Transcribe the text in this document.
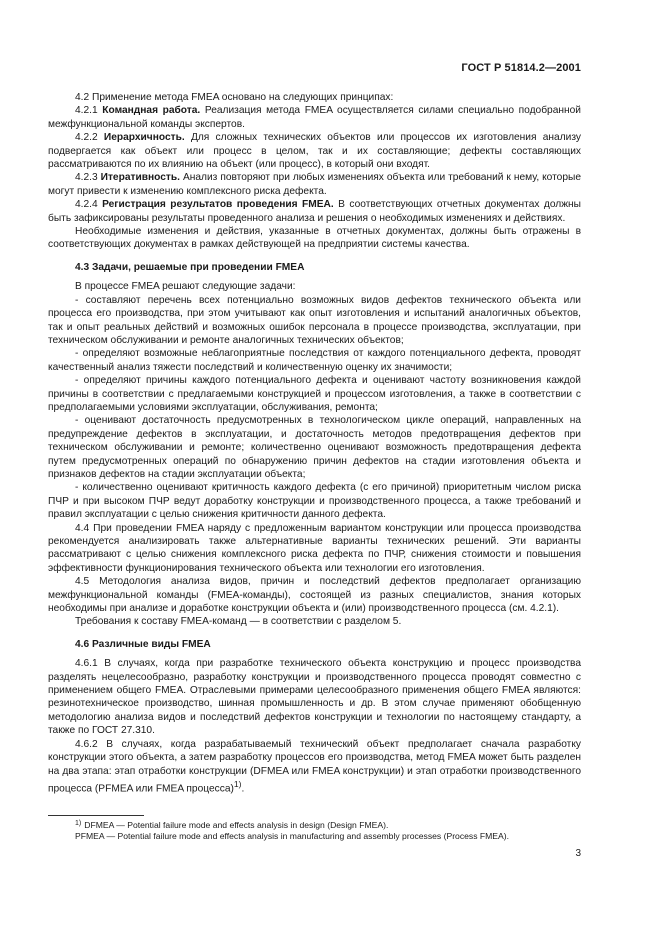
ГОСТ Р 51814.2—2001

4.2 Применение метода FMEA основано на следующих принципах:

4.2.1 Командная работа. Реализация метода FMEA осуществляется силами специально подобранной межфункциональной команды экспертов.

4.2.2 Иерархичность. Для сложных технических объектов или процессов их изготовления анализу подвергается как объект или процесс в целом, так и их составляющие; дефекты составляющих рассматриваются по их влиянию на объект (или процесс), в который они входят.

4.2.3 Итеративность. Анализ повторяют при любых изменениях объекта или требований к нему, которые могут привести к изменению комплексного риска дефекта.

4.2.4 Регистрация результатов проведения FMEA. В соответствующих отчетных документах должны быть зафиксированы результаты проведенного анализа и решения о необходимых изменениях и действиях.

Необходимые изменения и действия, указанные в отчетных документах, должны быть отражены в соответствующих документах в рамках действующей на предприятии системы качества.

4.3 Задачи, решаемые при проведении FMEA

В процессе FMEA решают следующие задачи:

- составляют перечень всех потенциально возможных видов дефектов технического объекта или процесса его производства, при этом учитывают как опыт изготовления и испытаний аналогичных объектов, так и опыт реальных действий и возможных ошибок персонала в процессе производства, эксплуатации, при техническом обслуживании и ремонте аналогичных технических объектов;

- определяют возможные неблагоприятные последствия от каждого потенциального дефекта, проводят качественный анализ тяжести последствий и количественную оценку их значимости;

- определяют причины каждого потенциального дефекта и оценивают частоту возникновения каждой причины в соответствии с предлагаемыми конструкцией и процессом изготовления, а также в соответствии с предполагаемыми условиями эксплуатации, обслуживания, ремонта;

- оценивают достаточность предусмотренных в технологическом цикле операций, направленных на предупреждение дефектов в эксплуатации, и достаточность методов предотвращения дефектов при техническом обслуживании и ремонте; количественно оценивают возможность предотвращения дефекта путем предусмотренных операций по обнаружению причин дефектов на стадии изготовления объекта и признаков дефектов на стадии эксплуатации объекта;

- количественно оценивают критичность каждого дефекта (с его причиной) приоритетным числом риска ПЧР и при высоком ПЧР ведут доработку конструкции и производственного процесса, а также требований и правил эксплуатации с целью снижения критичности данного дефекта.

4.4 При проведении FMEA наряду с предложенным вариантом конструкции или процесса производства рекомендуется анализировать также альтернативные варианты технических решений. Эти варианты рассматривают с целью снижения комплексного риска дефекта по ПЧР, снижения стоимости и повышения эффективности функционирования технического объекта или технологии его изготовления.

4.5 Методология анализа видов, причин и последствий дефектов предполагает организацию межфункциональной команды (FMEA-команды), состоящей из разных специалистов, знания которых необходимы при анализе и доработке конструкции объекта и (или) производственного процесса (см. 4.2.1).

Требования к составу FMEA-команд — в соответствии с разделом 5.

4.6 Различные виды FMEA

4.6.1 В случаях, когда при разработке технического объекта конструкцию и процесс производства разделять нецелесообразно, разработку конструкции и производственного процесса проводят совместно с применением общего FMEA. Отраслевыми примерами целесообразного применения общего FMEA являются: резинотехническое производство, шинная промышленность и др. В этом случае применяют обобщенную методологию анализа видов и последствий дефектов конструкции и технологии по настоящему стандарту, а также по ГОСТ 27.310.

4.6.2 В случаях, когда разрабатываемый технический объект предполагает сначала разработку конструкции этого объекта, а затем разработку процессов его производства, метод FMEA может быть разделен на два этапа: этап отработки конструкции (DFMEA или FMEA конструкции) и этап отработки производственного процесса (PFMEA или FMEA процесса)$^{1)}$.

$^{1)}$ DFMEA — Potential failure mode and effects analysis in design (Design FMEA).

PFMEA — Potential failure mode and effects analysis in manufacturing and assembly processes (Process FMEA).

3
